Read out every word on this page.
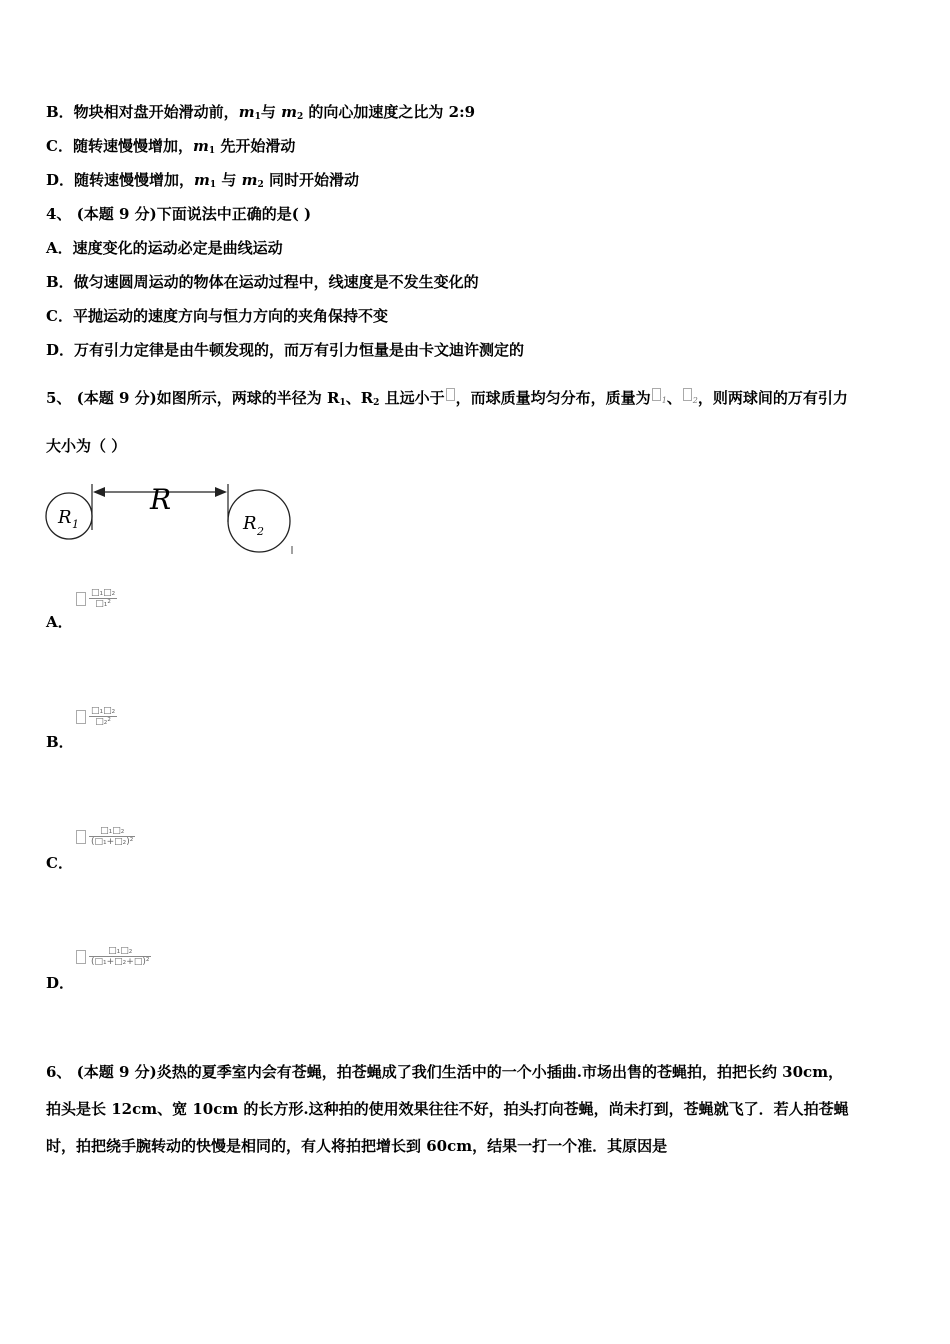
B．物块相对盘开始滑动前，$m_1$与 $m_2$ 的向心加速度之比为 2:9
C．随转速慢慢增加，$m_1$ 先开始滑动
D．随转速慢慢增加，$m_1$ 与 $m_2$ 同时开始滑动
4、 (本题 9 分)下面说法中正确的是( )
A．速度变化的运动必定是曲线运动
B．做匀速圆周运动的物体在运动过程中，线速度是不发生变化的
C．平抛运动的速度方向与恒力方向的夹角保持不变
D．万有引力定律是由牛顿发现的，而万有引力恒量是由卡文迪许测定的
5、 (本题 9 分)如图所示，两球的半径为 $R_1$、$R_2$ 且远小于 ，而球质量均匀分布，质量为 1、 2，则两球间的万有引力
大小为（ ）
R
R 1	R 2
$\frac{\text{□₁□₂}}{\text{□₁²}}$
A．
$\frac{\text{□₁□₂}}{\text{□₂²}}$
B．
$\frac{\text{□₁□₂}}{\text{(□₁+□₂)²}}$
C．
$\frac{\text{□₁□₂}}{\text{(□₁+□₂+□)²}}$
D．
6、 (本题 9 分)炎热的夏季室内会有苍蝇，拍苍蝇成了我们生活中的一个小插曲.市场出售的苍蝇拍，拍把长约 30cm，
拍头是长 12cm、宽 10cm 的长方形.这种拍的使用效果往往不好，拍头打向苍蝇，尚未打到，苍蝇就飞了．若人拍苍蝇
时，拍把绕手腕转动的快慢是相同的，有人将拍把增长到 60cm，结果一打一个准．其原因是
